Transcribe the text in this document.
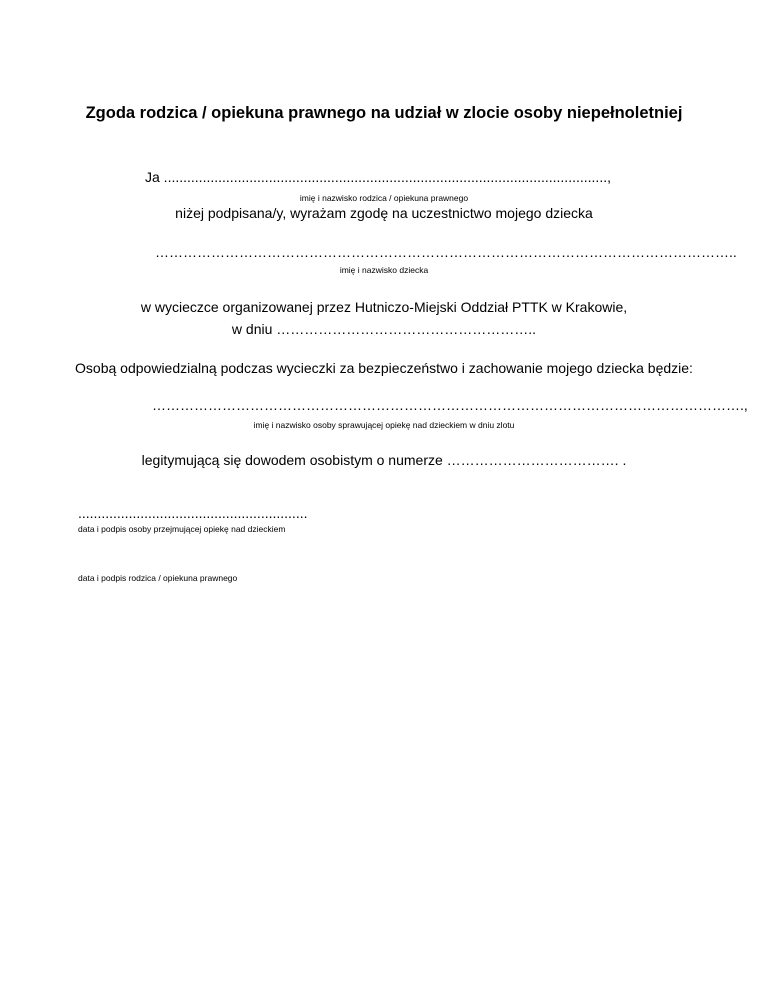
Zgoda rodzica / opiekuna prawnego na udział w zlocie osoby niepełnoletniej
Ja ..................................................................................................................,
imię i nazwisko rodzica / opiekuna prawnego
niżej podpisana/y, wyrażam zgodę na uczestnictwo mojego dziecka
……………………………………………………………………………………………………………..
imię i nazwisko dziecka
w wycieczce organizowanej przez Hutniczo-Miejski Oddział PTTK w Krakowie,
w dniu ………………………………………………..
Osobą odpowiedzialną podczas wycieczki za bezpieczeństwo i zachowanie mojego dziecka będzie:
……………………………………………………………………………………………………………….,
imię i nazwisko osoby sprawującej opiekę nad dzieckiem w dniu zlotu
legitymującą się dowodem osobistym o numerze ………………………………. .
...........................................................
data i podpis osoby przejmującej opiekę nad dzieckiem
data i podpis rodzica / opiekuna prawnego
